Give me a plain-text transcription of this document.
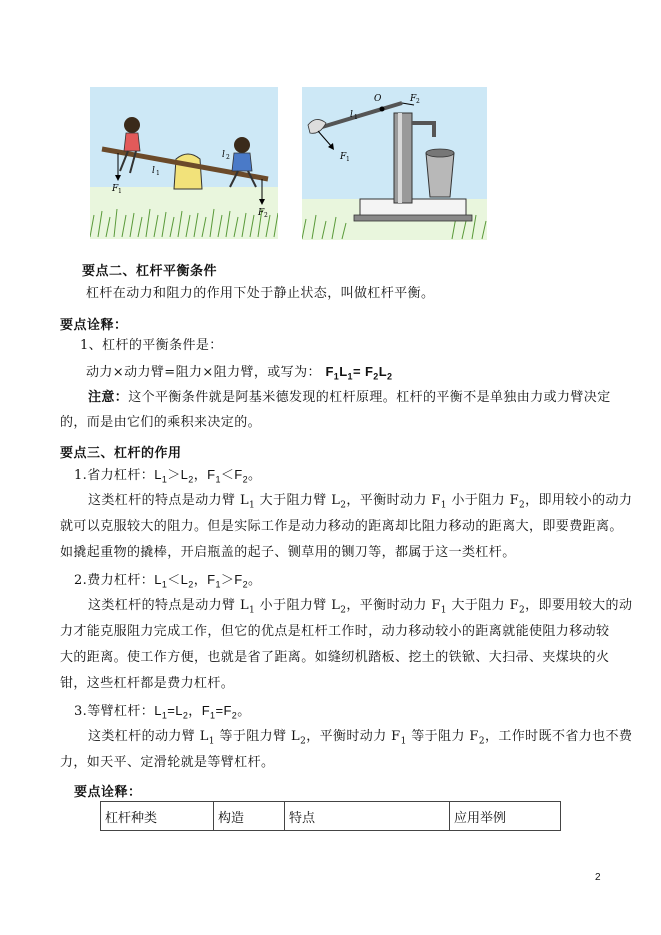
F 1
l 1
l 2
F 2
O
l 1
F 2
F 1
要点二、杠杆平衡条件
杠杆在动力和阻力的作用下处于静止状态，叫做杠杆平衡。
要点诠释：
1、杠杆的平衡条件是：
动力×动力臂=阻力×阻力臂，或写为： $F_1L_1= F_2L_2$
注意：这个平衡条件就是阿基米德发现的杠杆原理。杠杆的平衡不是单独由力或力臂决定
的，而是由它们的乘积来决定的。
要点三、杠杆的作用
1.省力杠杆：$L_1>L_2$，$F_1<F_2$。
这类杠杆的特点是动力臂 $L_1$ 大于阻力臂 $L_2$，平衡时动力 $F_1$ 小于阻力 $F_2$，即用较小的动力
就可以克服较大的阻力。但是实际工作是动力移动的距离却比阻力移动的距离大，即要费距离。
如撬起重物的撬棒，开启瓶盖的起子、铡草用的铡刀等，都属于这一类杠杆。
2.费力杠杆：$L_1<L_2$，$F_1>F_2$。
这类杠杆的特点是动力臂 $L_1$ 小于阻力臂 $L_2$，平衡时动力 $F_1$ 大于阻力 $F_2$，即要用较大的动
力才能克服阻力完成工作，但它的优点是杠杆工作时，动力移动较小的距离就能使阻力移动较
大的距离。使工作方便，也就是省了距离。如缝纫机踏板、挖土的铁锨、大扫帚、夹煤块的火
钳，这些杠杆都是费力杠杆。
3.等臂杠杆：$L_1=L_2$，$F_1=F_2$。
这类杠杆的动力臂 $L_1$ 等于阻力臂 $L_2$，平衡时动力 $F_1$ 等于阻力 $F_2$，工作时既不省力也不费
力，如天平、定滑轮就是等臂杠杆。
要点诠释：
杠杆种类	构造	特点	应用举例
2
